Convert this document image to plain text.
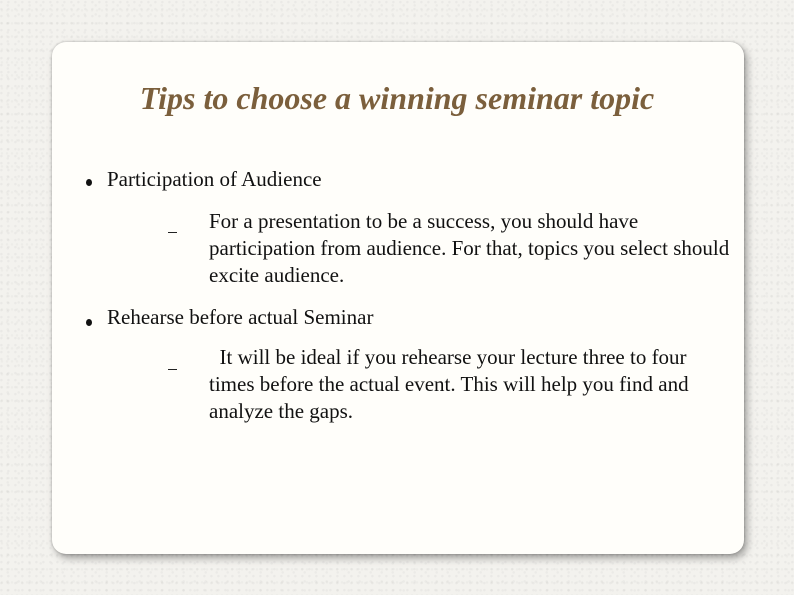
Tips to choose a winning seminar topic
Participation of Audience
For a presentation to be a success, you should have participation from audience. For that, topics you select should excite audience.
Rehearse before actual Seminar
It will be ideal if you rehearse your lecture three to four times before the actual event. This will help you find and analyze the gaps.
